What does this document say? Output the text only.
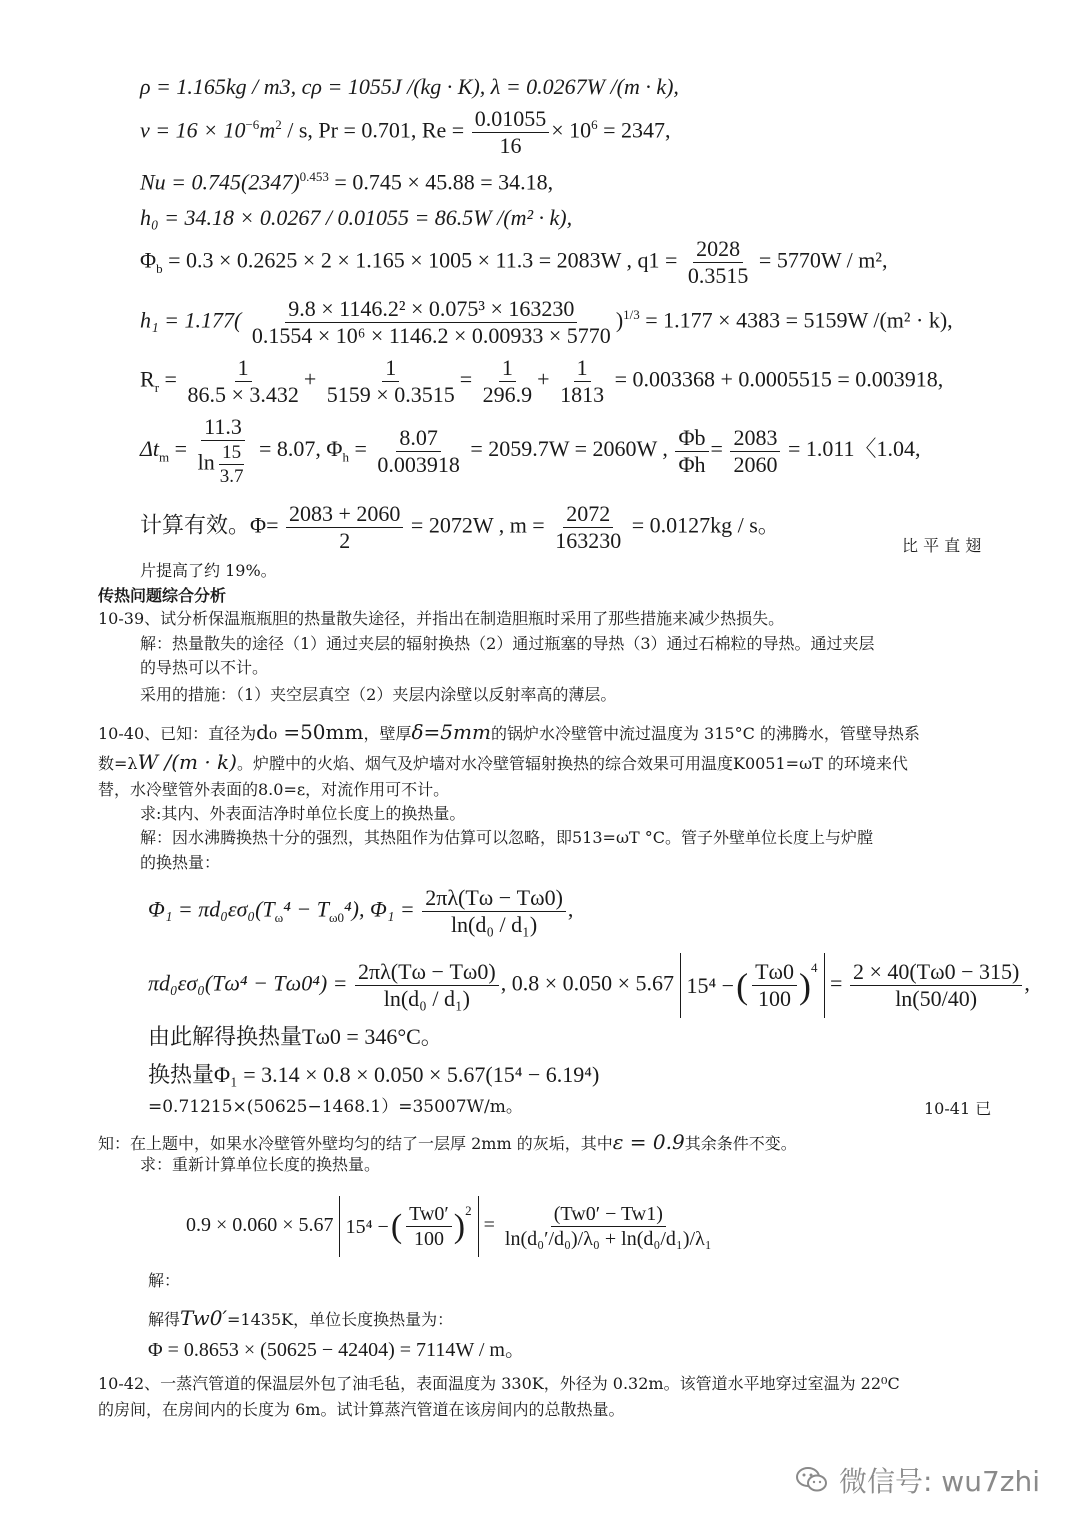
ρ = 1.165kg / m3, cρ = 1055J /(kg · K), λ = 0.0267W /(m · k),
$v = 16 \times 10^{-6}m^2 / s$, Pr = 0.701, $Re = \frac{0.01055}{16} \times 10^6 = 2347$,
$Nu = 0.745(2347)^{0.453} = 0.745 \times 45.88 = 34.18$,
h₀ = 34.18 × 0.0267 / 0.01055 = 86.5W /(m² · k),
$\Phi_b = 0.3 \times 0.2625 \times 2 \times 1.165 \times 1005 \times 11.3 = 2083W$ , $q1 = \frac{2028}{0.3515} = 5770W / m^2$,
$h_1 = 1.177( \frac{\text{9.8 × 1146.2² × 0.075³ × 163230}}{\text{0.1554 × 10⁶ × 1146.2 × 0.00933 × 5770}} )^{1/3} = 1.177 \times 4383 = 5159W$ /(m² · k),
$R_r = \frac{1}{86.5 \times 3.432} + \frac{1}{5159 \times 0.3515} = \frac{1}{296.9} + \frac{1}{1813} = 0.003368 + 0.0005515 = 0.003918$,
$\Delta t_m = \frac{11.3}{\ln \frac{15}{3.7}} = 8.07$, $\Phi_h = \frac{8.07}{0.003918} = 2059.7W = 2060W$ , $\frac{\Phi b}{\Phi h} = \frac{2083}{2060} = 1.011$〈1.04,
计算有效。$\Phi= \frac{2083 + 2060}{2} = 2072W$ , $m = \frac{2072}{163230} = 0.0127kg / s$。
比 平 直 翅
片提高了约 19%。
传热问题综合分析
10-39、试分析保温瓶瓶胆的热量散失途径，并指出在制造胆瓶时采用了那些措施来减少热损失。
解：热量散失的途径（1）通过夹层的辐射换热（2）通过瓶塞的导热（3）通过石棉粒的导热。通过夹层
的导热可以不计。
采用的措施：（1）夹空层真空（2）夹层内涂壁以反射率高的薄层。
10-40、已知：直径为d₀ =50mm，壁厚δ=5mm的锅炉水冷壁管中流过温度为 315°C 的沸腾水，管壁导热系
数=λW /(m · k)。炉膛中的火焰、烟气及炉墙对水冷壁管辐射换热的综合效果可用温度K0051=ωT 的环境来代
替，水冷壁管外表面的8.0=ε，对流作用可不计。
求:其内、外表面洁净时单位长度上的换热量。
解：因水沸腾换热十分的强烈，其热阻作为估算可以忽略，即513=ωT °C。管子外壁单位长度上与炉膛
的换热量：
$\Phi_1 = \pi d_0\varepsilon\sigma_0(T_\omega^4 - T_{\omega 0}^4)$, $\Phi_1 = \frac{2\pi\lambda(T\omega - T\omega 0)}{\text{ln(d₀ / d₁)}}$ ,
$\pi d_0\varepsilon\sigma_0(T\omega^4 - T\omega 0^4) = \frac{2\pi\lambda(T\omega - T\omega 0)}{\text{ln(d₀ / d₁)}}$ , 0.8 × 0.050 × 5.67 15⁴ − ( $\frac{T\omega 0}{100} )^4$
= $\frac{2 \times 40(T\omega 0 - 315)}{\ln(50/40)}$ ,
由此解得换热量Tω0 = 346°C。
换热量Φ₁ = 3.14 × 0.8 × 0.050 × 5.67(15⁴ − 6.19⁴)
=0.71215×(50625−1468.1）=35007W/m。	10-41 已
知：在上题中，如果水冷壁管外壁均匀的结了一层厚 2mm 的灰垢，其中ε = 0.9其余条件不变。
求：重新计算单位长度的换热量。
0.9 × 0.060 × 5.67 15⁴ − ( $\frac{Tw0'}{100} )^2$
= $\frac{(Tw0' - Tw1)}{\text{ln(d₀′/d₀)/λ₀ + ln(d₀/d₁)/λ₁}}$
解：
解得Tw0′=1435K，单位长度换热量为：
Φ = 0.8653 × (50625 − 42404) = 7114W / m。
10-42、一蒸汽管道的保温层外包了油毛毡，表面温度为 330K，外径为 0.32m。该管道水平地穿过室温为 22⁰C
的房间，在房间内的长度为 6m。试计算蒸汽管道在该房间内的总散热量。
微信号: wu7zhi
